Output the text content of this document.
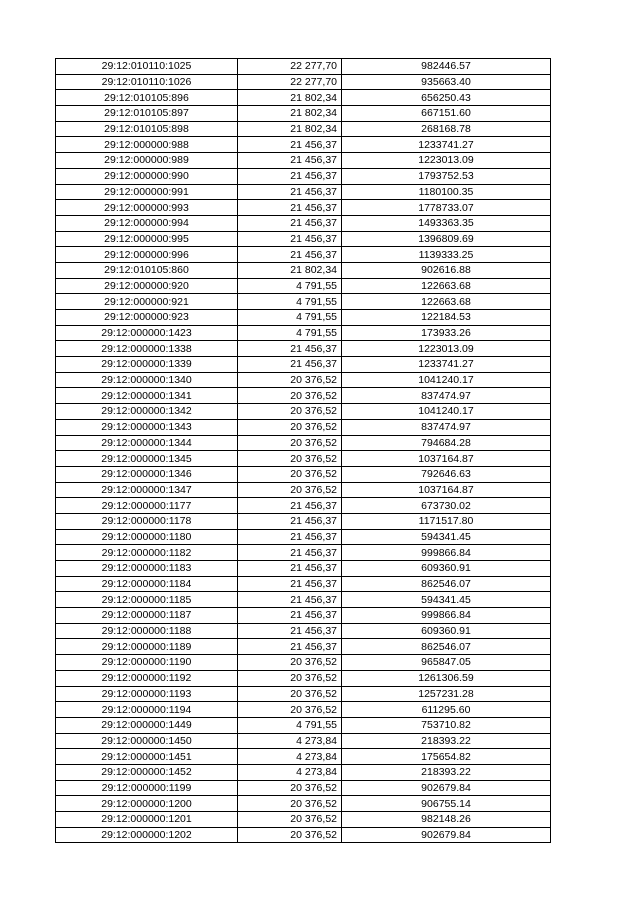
29:12:010110:1025	22 277,70	982446.57
29:12:010110:1026	22 277,70	935663.40
29:12:010105:896	21 802,34	656250.43
29:12:010105:897	21 802,34	667151.60
29:12:010105:898	21 802,34	268168.78
29:12:000000:988	21 456,37	1233741.27
29:12:000000:989	21 456,37	1223013.09
29:12:000000:990	21 456,37	1793752.53
29:12:000000:991	21 456,37	1180100.35
29:12:000000:993	21 456,37	1778733.07
29:12:000000:994	21 456,37	1493363.35
29:12:000000:995	21 456,37	1396809.69
29:12:000000:996	21 456,37	1139333.25
29:12:010105:860	21 802,34	902616.88
29:12:000000:920	4 791,55	122663.68
29:12:000000:921	4 791,55	122663.68
29:12:000000:923	4 791,55	122184.53
29:12:000000:1423	4 791,55	173933.26
29:12:000000:1338	21 456,37	1223013.09
29:12:000000:1339	21 456,37	1233741.27
29:12:000000:1340	20 376,52	1041240.17
29:12:000000:1341	20 376,52	837474.97
29:12:000000:1342	20 376,52	1041240.17
29:12:000000:1343	20 376,52	837474.97
29:12:000000:1344	20 376,52	794684.28
29:12:000000:1345	20 376,52	1037164.87
29:12:000000:1346	20 376,52	792646.63
29:12:000000:1347	20 376,52	1037164.87
29:12:000000:1177	21 456,37	673730.02
29:12:000000:1178	21 456,37	1171517.80
29:12:000000:1180	21 456,37	594341.45
29:12:000000:1182	21 456,37	999866.84
29:12:000000:1183	21 456,37	609360.91
29:12:000000:1184	21 456,37	862546.07
29:12:000000:1185	21 456,37	594341.45
29:12:000000:1187	21 456,37	999866.84
29:12:000000:1188	21 456,37	609360.91
29:12:000000:1189	21 456,37	862546.07
29:12:000000:1190	20 376,52	965847.05
29:12:000000:1192	20 376,52	1261306.59
29:12:000000:1193	20 376,52	1257231.28
29:12:000000:1194	20 376,52	611295.60
29:12:000000:1449	4 791,55	753710.82
29:12:000000:1450	4 273,84	218393.22
29:12:000000:1451	4 273,84	175654.82
29:12:000000:1452	4 273,84	218393.22
29:12:000000:1199	20 376,52	902679.84
29:12:000000:1200	20 376,52	906755.14
29:12:000000:1201	20 376,52	982148.26
29:12:000000:1202	20 376,52	902679.84
